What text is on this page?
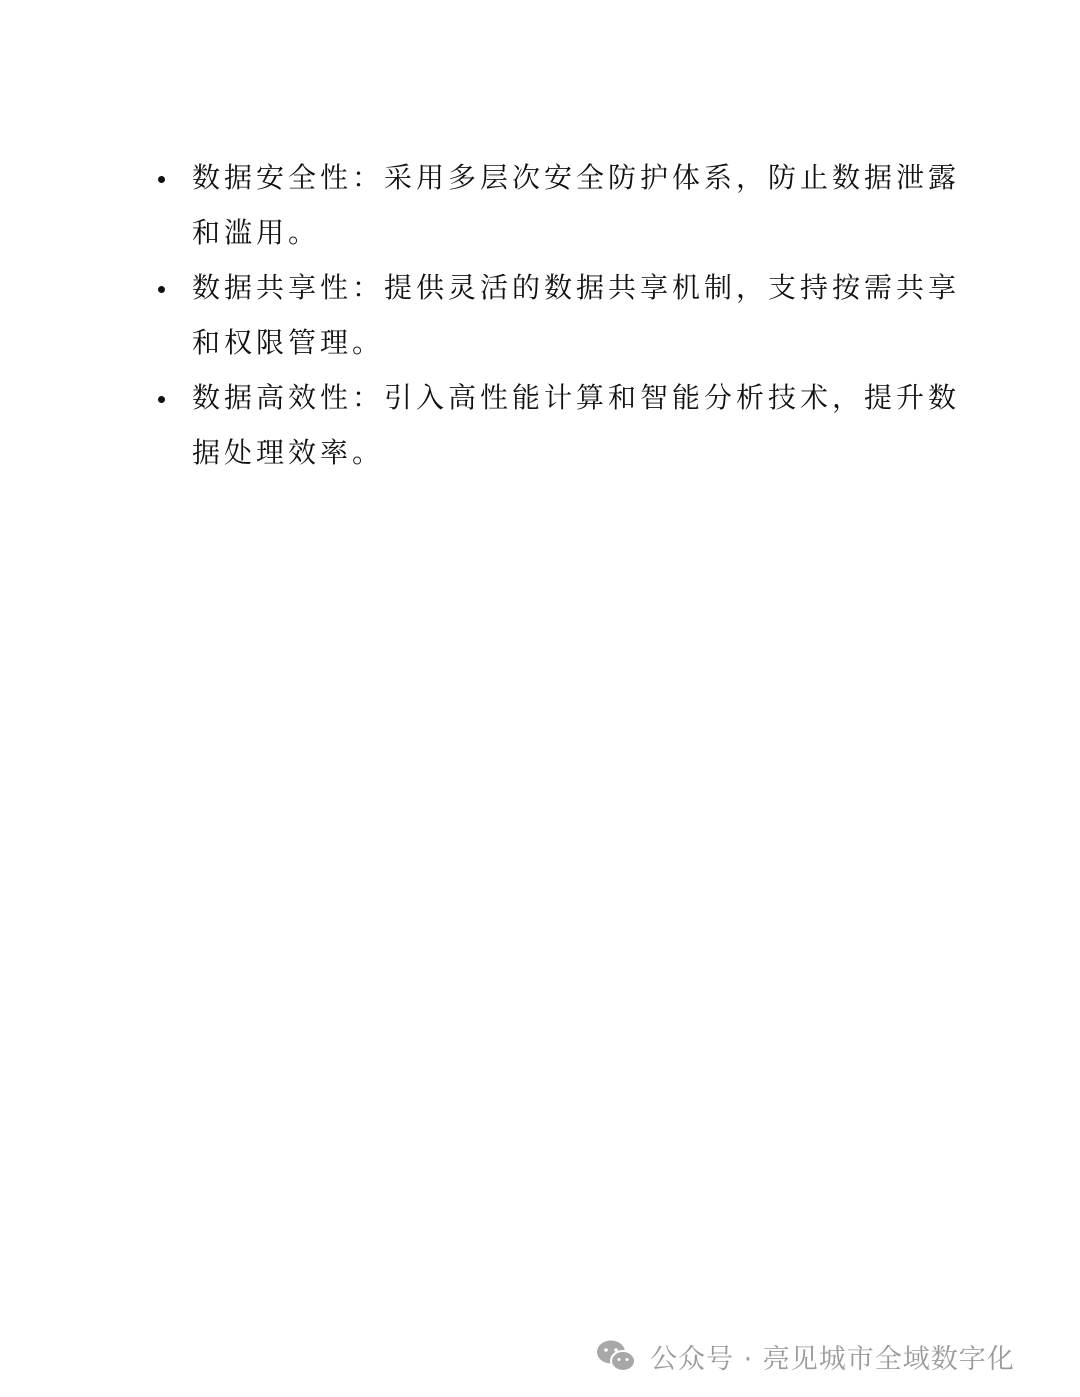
数据安全性：采用多层次安全防护体系，防止数据泄露和滥用。
数据共享性：提供灵活的数据共享机制，支持按需共享和权限管理。
数据高效性：引入高性能计算和智能分析技术，提升数据处理效率。
公众号 · 亮见城市全域数字化
